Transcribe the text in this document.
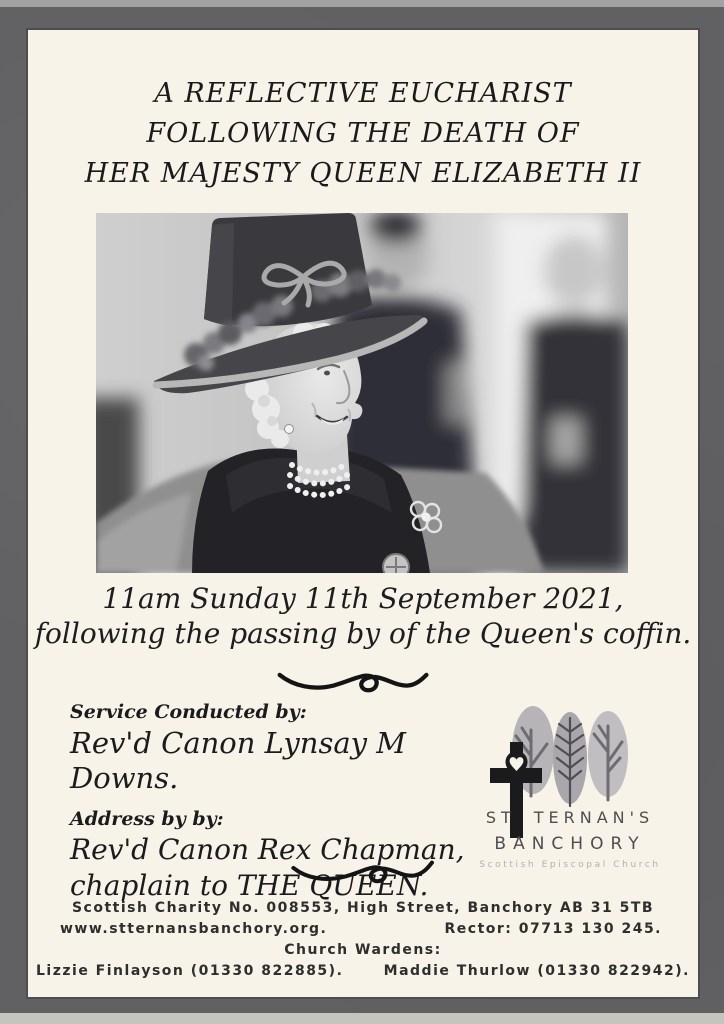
A REFLECTIVE EUCHARIST
FOLLOWING THE DEATH OF
HER MAJESTY QUEEN ELIZABETH II
11am Sunday 11th September 2021,
following the passing by of the Queen's coffin.
Service Conducted by:
Rev'd Canon Lynsay M Downs.
Address by by:
Rev'd Canon Rex Chapman,
chaplain to THE QUEEN.
ST TERNAN'S
BANCHORY
Scottish Episcopal Church
Scottish Charity No. 008553, High Street, Banchory AB 31 5TB
www.stternansbanchory.org.	Rector: 07713 130 245.
Church Wardens:
Lizzie Finlayson (01330 822885).	Maddie Thurlow (01330 822942).
